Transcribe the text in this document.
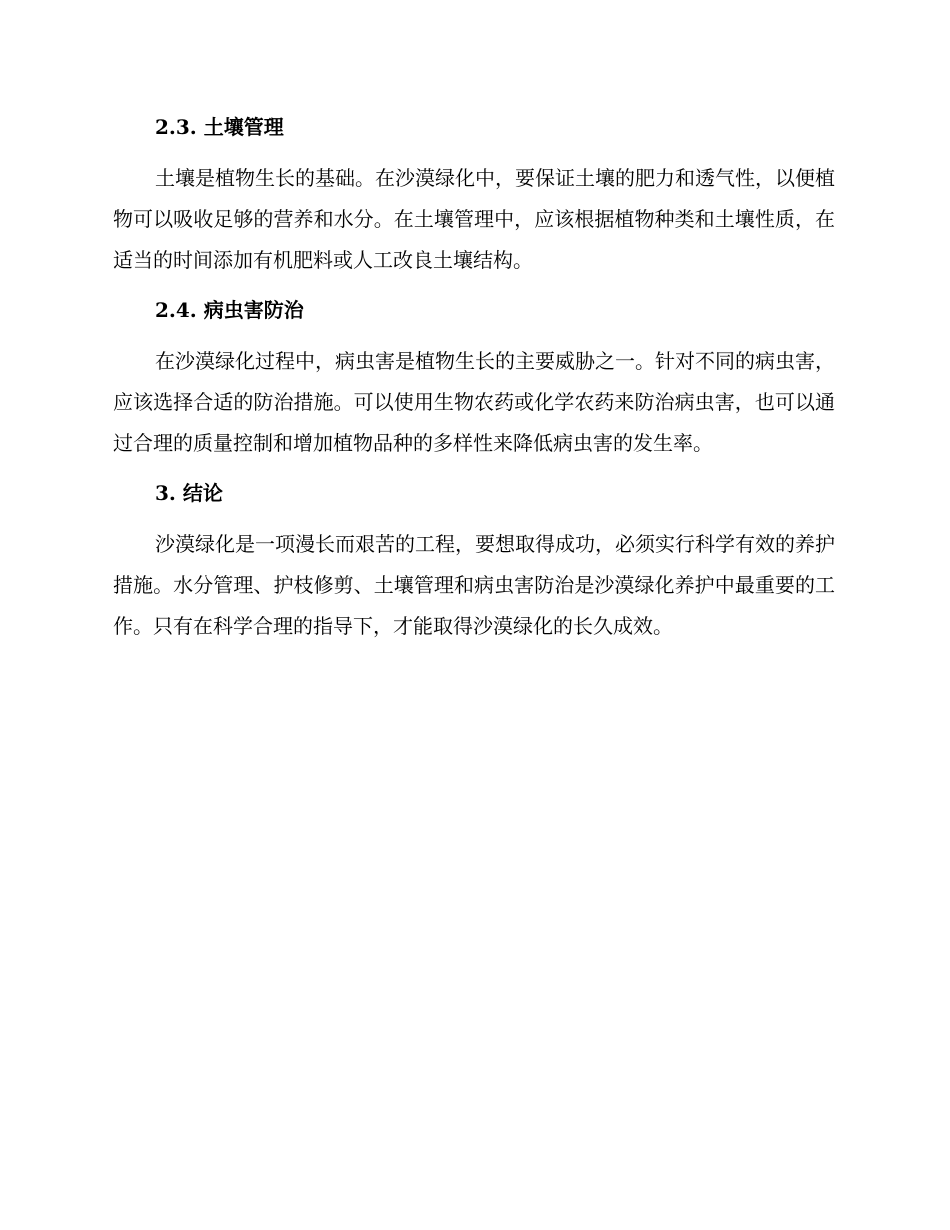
2.3. 土壤管理

土壤是植物生长的基础。在沙漠绿化中，要保证土壤的肥力和透气性，以便植物可以吸收足够的营养和水分。在土壤管理中，应该根据植物种类和土壤性质，在适当的时间添加有机肥料或人工改良土壤结构。

2.4. 病虫害防治

在沙漠绿化过程中，病虫害是植物生长的主要威胁之一。针对不同的病虫害，应该选择合适的防治措施。可以使用生物农药或化学农药来防治病虫害，也可以通过合理的质量控制和增加植物品种的多样性来降低病虫害的发生率。

3. 结论

沙漠绿化是一项漫长而艰苦的工程，要想取得成功，必须实行科学有效的养护措施。水分管理、护枝修剪、土壤管理和病虫害防治是沙漠绿化养护中最重要的工作。只有在科学合理的指导下，才能取得沙漠绿化的长久成效。
